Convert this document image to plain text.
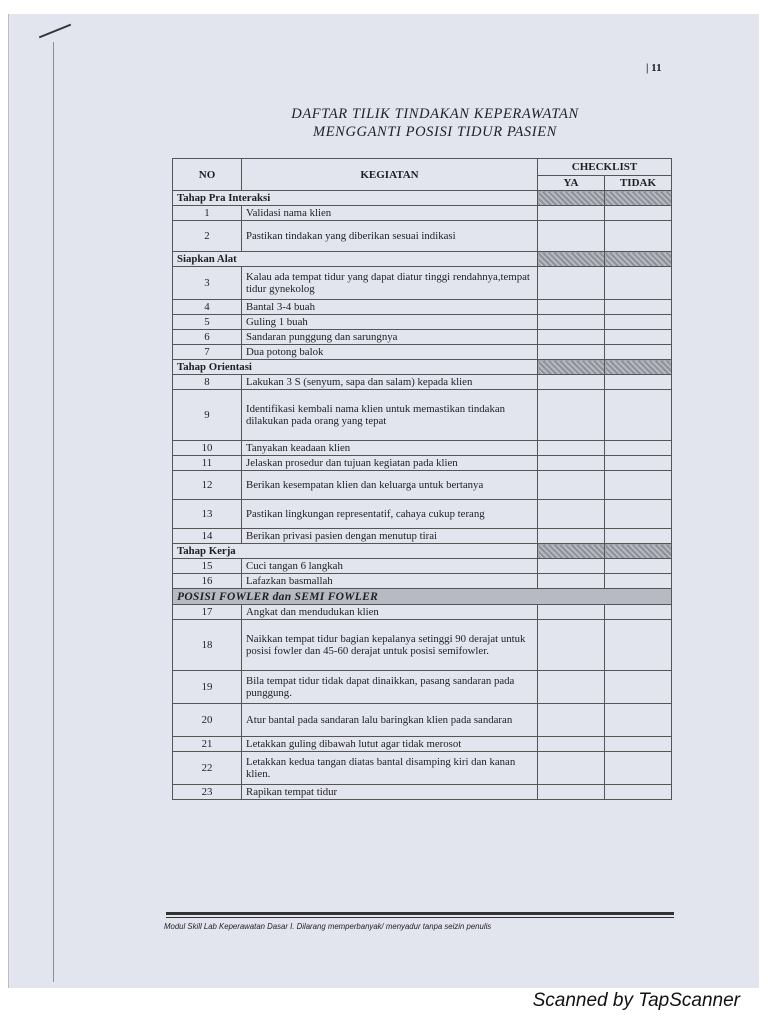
| 11
DAFTAR TILIK TINDAKAN KEPERAWATAN
MENGGANTI POSISI TIDUR PASIEN
NO	KEGIATAN	CHECKLIST	
		YA	TIDAK
Tahap Pra Interaksi			
1	Validasi nama klien		
2	Pastikan tindakan yang diberikan sesuai indikasi		
Siapkan Alat			
3	Kalau ada tempat tidur yang dapat diatur tinggi rendahnya,tempat tidur gynekolog		
4	Bantal 3-4 buah		
5	Guling 1 buah		
6	Sandaran punggung dan sarungnya		
7	Dua potong balok		
Tahap Orientasi			
8	Lakukan 3 S (senyum, sapa dan salam) kepada klien		
9	Identifikasi kembali nama klien untuk memastikan tindakan dilakukan pada orang yang tepat		
10	Tanyakan keadaan klien		
11	Jelaskan prosedur dan tujuan kegiatan pada klien		
12	Berikan kesempatan klien dan keluarga untuk bertanya		
13	Pastikan lingkungan representatif, cahaya cukup terang		
14	Berikan privasi pasien dengan menutup tirai		
Tahap Kerja			
15	Cuci tangan 6 langkah		
16	Lafazkan basmallah		
POSISI FOWLER dan SEMI FOWLER			
17	Angkat dan mendudukan klien		
18	Naikkan tempat tidur bagian kepalanya setinggi 90 derajat untuk posisi fowler dan 45-60 derajat untuk posisi semifowler.		
19	Bila tempat tidur tidak dapat dinaikkan, pasang sandaran pada punggung.		
20	Atur bantal pada sandaran lalu baringkan klien pada sandaran		
21	Letakkan guling dibawah lutut agar tidak merosot		
22	Letakkan kedua tangan diatas bantal disamping kiri dan kanan klien.		
23	Rapikan tempat tidur		
Modul Skill Lab Keperawatan Dasar I. Dilarang memperbanyak/ menyadur tanpa seizin penulis
Scanned by TapScanner
